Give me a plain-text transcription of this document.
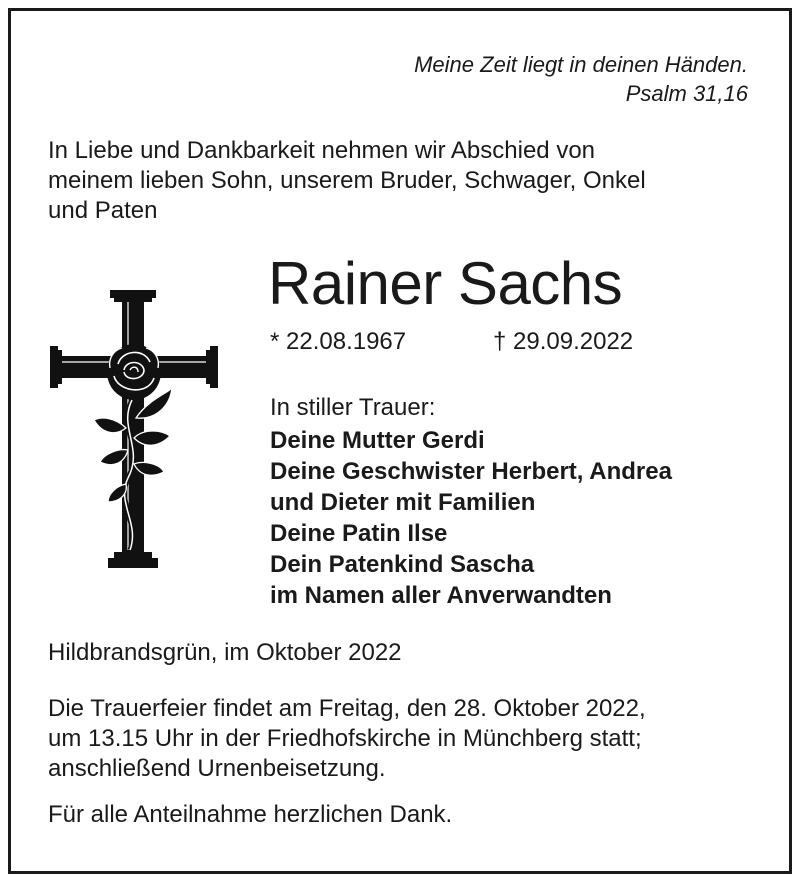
Meine Zeit liegt in deinen Händen.
Psalm 31,16
In Liebe und Dankbarkeit nehmen wir Abschied von
meinem lieben Sohn, unserem Bruder, Schwager, Onkel
und Paten
Rainer Sachs
* 22.08.1967	† 29.09.2022
In stiller Trauer:
Deine Mutter Gerdi
Deine Geschwister Herbert, Andrea
und Dieter mit Familien
Deine Patin Ilse
Dein Patenkind Sascha
im Namen aller Anverwandten
Hildbrandsgrün, im Oktober 2022
Die Trauerfeier findet am Freitag, den 28. Oktober 2022,
um 13.15 Uhr in der Friedhofskirche in Münchberg statt;
anschließend Urnenbeisetzung.
Für alle Anteilnahme herzlichen Dank.
